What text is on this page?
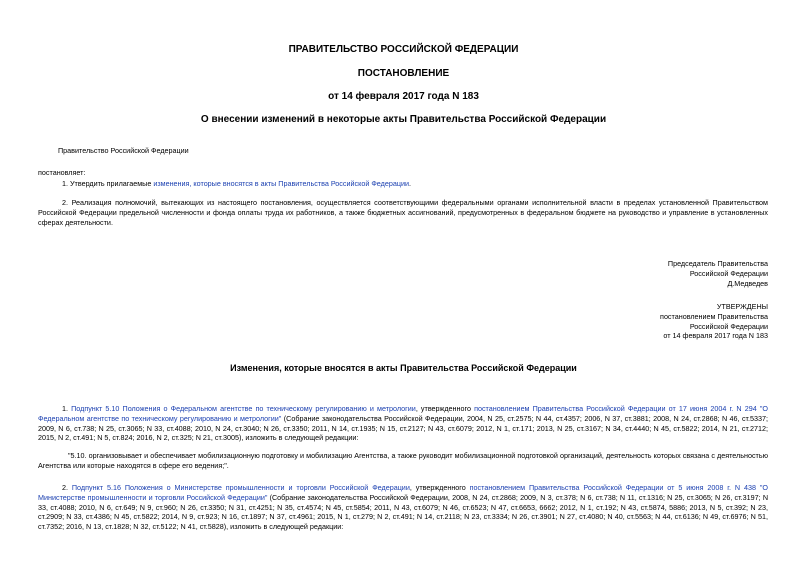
ПРАВИТЕЛЬСТВО РОССИЙСКОЙ ФЕДЕРАЦИИ
ПОСТАНОВЛЕНИЕ
от 14 февраля 2017 года N 183
О внесении изменений в некоторые акты Правительства Российской Федерации
Правительство Российской Федерации
постановляет:
1. Утвердить прилагаемые изменения, которые вносятся в акты Правительства Российской Федерации.
2. Реализация полномочий, вытекающих из настоящего постановления, осуществляется соответствующими федеральными органами исполнительной власти в пределах установленной Правительством Российской Федерации предельной численности и фонда оплаты труда их работников, а также бюджетных ассигнований, предусмотренных в федеральном бюджете на руководство и управление в установленных сферах деятельности.
Председатель Правительства
Российской Федерации
Д.Медведев
УТВЕРЖДЕНЫ
постановлением Правительства
Российской Федерации
от 14 февраля 2017 года N 183
Изменения, которые вносятся в акты Правительства Российской Федерации
1. Подпункт 5.10 Положения о Федеральном агентстве по техническому регулированию и метрологии, утвержденного постановлением Правительства Российской Федерации от 17 июня 2004 г. N 294 "О Федеральном агентстве по техническому регулированию и метрологии" (Собрание законодательства Российской Федерации, 2004, N 25, ст.2575; N 44, ст.4357; 2006, N 37, ст.3881; 2008, N 24, ст.2868; N 46, ст.5337; 2009, N 6, ст.738; N 25, ст.3065; N 33, ст.4088; 2010, N 24, ст.3040; N 26, ст.3350; 2011, N 14, ст.1935; N 15, ст.2127; N 43, ст.6079; 2012, N 1, ст.171; 2013, N 25, ст.3167; N 34, ст.4440; N 45, ст.5822; 2014, N 21, ст.2712; 2015, N 2, ст.491; N 5, ст.824; 2016, N 2, ст.325; N 21, ст.3005), изложить в следующей редакции:
"5.10. организовывает и обеспечивает мобилизационную подготовку и мобилизацию Агентства, а также руководит мобилизационной подготовкой организаций, деятельность которых связана с деятельностью Агентства или которые находятся в сфере его ведения;".
2. Подпункт 5.16 Положения о Министерстве промышленности и торговли Российской Федерации, утвержденного постановлением Правительства Российской Федерации от 5 июня 2008 г. N 438 "О Министерстве промышленности и торговли Российской Федерации" (Собрание законодательства Российской Федерации, 2008, N 24, ст.2868; 2009, N 3, ст.378; N 6, ст.738; N 11, ст.1316; N 25, ст.3065; N 26, ст.3197; N 33, ст.4088; 2010, N 6, ст.649; N 9, ст.960; N 26, ст.3350; N 31, ст.4251; N 35, ст.4574; N 45, ст.5854; 2011, N 43, ст.6079; N 46, ст.6523; N 47, ст.6653, 6662; 2012, N 1, ст.192; N 43, ст.5874, 5886; 2013, N 5, ст.392; N 23, ст.2909; N 33, ст.4386; N 45, ст.5822; 2014, N 9, ст.923; N 16, ст.1897; N 37, ст.4961; 2015, N 1, ст.279; N 2, ст.491; N 14, ст.2118; N 23, ст.3334; N 26, ст.3901; N 27, ст.4080; N 40, ст.5563; N 44, ст.6136; N 49, ст.6976; N 51, ст.7352; 2016, N 13, ст.1828; N 32, ст.5122; N 41, ст.5828), изложить в следующей редакции:
